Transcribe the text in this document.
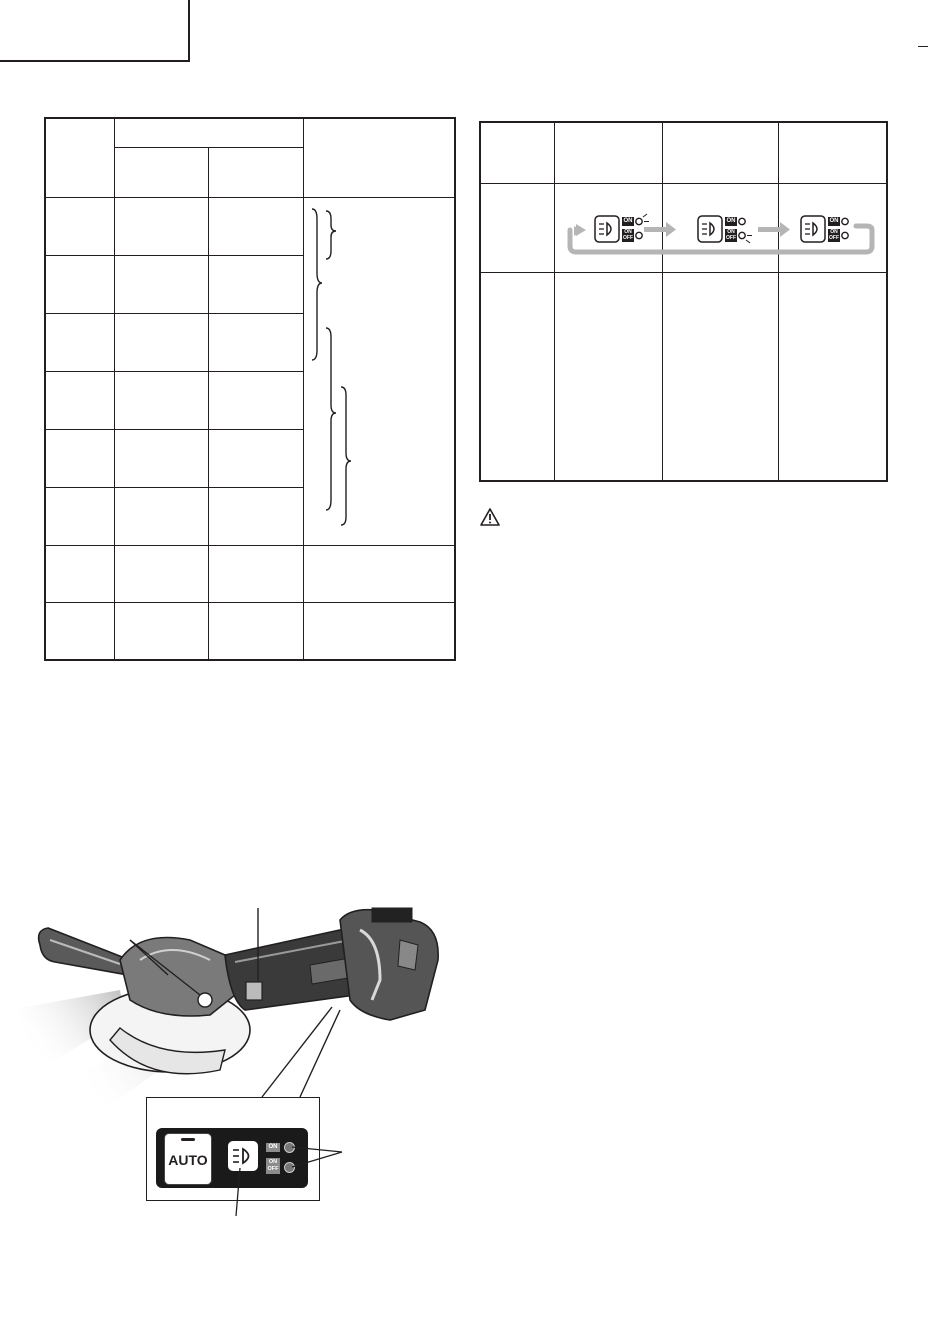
ON
ON
OFF
ON
ON
OFF
ON
ON
OFF
AUTO
ON
ON
OFF
